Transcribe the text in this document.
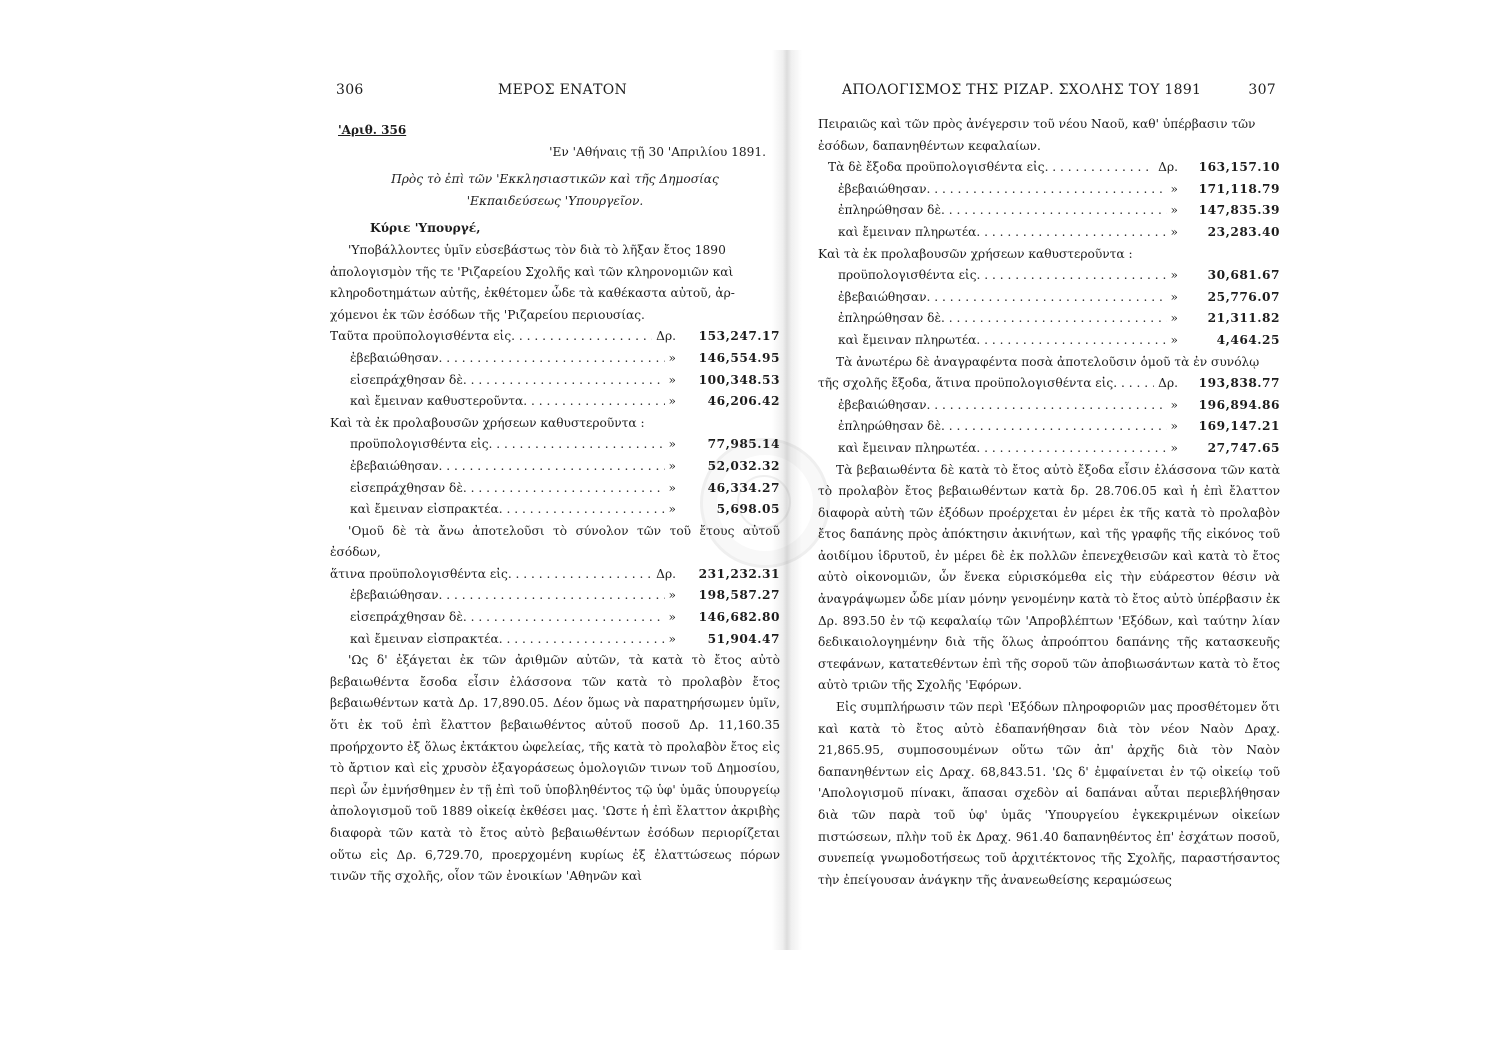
306	ΜΕΡΟΣ ΕΝΑΤΟΝ
'Αριθ. 356
'Εν 'Αθήναις τῇ 30 'Απριλίου 1891.
Πρὸς τὸ ἐπὶ τῶν 'Εκκλησιαστικῶν καὶ τῆς Δημοσίας
'Εκπαιδεύσεως 'Υπουργεῖον.
Κύριε 'Υπουργέ,

'Υποβάλλοντες ὑμῖν εὐσεβάστως τὸν διὰ τὸ λῆξαν ἔτος 1890

ἀπολογισμὸν τῆς τε 'Ριζαρείου Σχολῆς καὶ τῶν κληρονομιῶν καὶ

κληροδοτημάτων αὐτῆς, ἐκθέτομεν ὧδε τὰ καθέκαστα αὐτοῦ, ἀρ-

χόμενοι ἐκ τῶν ἐσόδων τῆς 'Ριζαρείου περιουσίας.

Ταῦτα προϋπολογισθέντα εἰς . . .	Δρ.	153,247.17
ἐβεβαιώθησαν . . .	»	146,554.95
εἰσεπράχθησαν δὲ . . .	»	100,348.53
καὶ ἔμειναν καθυστεροῦντα . . .	»	46,206.42
Καὶ τὰ ἐκ προλαβουσῶν χρήσεων καθυστεροῦντα :
προϋπολογισθέντα εἰς . . .	»	77,985.14
ἐβεβαιώθησαν . . .	»	52,032.32
εἰσεπράχθησαν δὲ . . .	»	46,334.27
καὶ ἔμειναν εἰσπρακτέα . . .	»	5,698.05

'Ομοῦ δὲ τὰ ἄνω ἀποτελοῦσι τὸ σύνολον τῶν τοῦ ἔτους αὐτοῦ ἐσόδων,

ἅτινα προϋπολογισθέντα εἰς . . .	Δρ.	231,232.31
ἐβεβαιώθησαν . . .	»	198,587.27
εἰσεπράχθησαν δὲ . . .	»	146,682.80
καὶ ἔμειναν εἰσπρακτέα . . .	»	51,904.47

'Ως δ' ἐξάγεται ἐκ τῶν ἀριθμῶν αὐτῶν, τὰ κατὰ τὸ ἔτος αὐτὸ βεβαιωθέντα ἔσοδα εἶσιν ἐλάσσονα τῶν κατὰ τὸ προλαβὸν ἔτος βεβαιωθέντων κατὰ Δρ. 17,890.05. Δέον ὅμως νὰ παρατηρήσωμεν ὑμῖν, ὅτι ἐκ τοῦ ἐπὶ ἔλαττον βεβαιωθέντος αὐτοῦ ποσοῦ Δρ. 11,160.35 προήρχοντο ἐξ ὅλως ἐκτάκτου ὠφελείας, τῆς κατὰ τὸ προλαβὸν ἔτος εἰς τὸ ἄρτιον καὶ εἰς χρυσὸν ἐξαγοράσεως ὁμολογιῶν τινων τοῦ Δημοσίου, περὶ ὧν ἐμνήσθημεν ἐν τῇ ἐπὶ τοῦ ὑποβληθέντος τῷ ὑφ' ὑμᾶς ὑπουργείῳ ἀπολογισμοῦ τοῦ 1889 οἰκείᾳ ἐκθέσει μας. 'Ωστε ἡ ἐπὶ ἔλαττον ἀκριβὴς διαφορὰ τῶν κατὰ τὸ ἔτος αὐτὸ βεβαιωθέντων ἐσόδων περιορίζεται οὕτω εἰς Δρ. 6,729.70, προερχομένη κυρίως ἐξ ἐλαττώσεως πόρων τινῶν τῆς σχολῆς, οἷον τῶν ἐνοικίων 'Αθηνῶν καὶ

ΑΠΟΛΟΓΙΣΜΟΣ ΤΗΣ ΡΙΖΑΡ. ΣΧΟΛΗΣ ΤΟΥ 1891	307

Πειραιῶς καὶ τῶν πρὸς ἀνέγερσιν τοῦ νέου Ναοῦ, καθ' ὑπέρβασιν τῶν

ἐσόδων, δαπανηθέντων κεφαλαίων.

Τὰ δὲ ἔξοδα προϋπολογισθέντα εἰς . . .	Δρ.	163,157.10
ἐβεβαιώθησαν . . .	»	171,118.79
ἐπληρώθησαν δὲ . . .	»	147,835.39
καὶ ἔμειναν πληρωτέα . . .	»	23,283.40
Καὶ τὰ ἐκ προλαβουσῶν χρήσεων καθυστεροῦντα :
προϋπολογισθέντα εἰς . . .	»	30,681.67
ἐβεβαιώθησαν . . .	»	25,776.07
ἐπληρώθησαν δὲ . . .	»	21,311.82
καὶ ἔμειναν πληρωτέα . . .	»	4,464.25

Τὰ ἀνωτέρω δὲ ἀναγραφέντα ποσὰ ἀποτελοῦσιν ὁμοῦ τὰ ἐν συνόλῳ

τῆς σχολῆς ἔξοδα, ἅτινα προϋπολογισθέντα εἰς . . .	Δρ.	193,838.77
ἐβεβαιώθησαν . . .	»	196,894.86
ἐπληρώθησαν δὲ . . .	»	169,147.21
καὶ ἔμειναν πληρωτέα . . .	»	27,747.65

Τὰ βεβαιωθέντα δὲ κατὰ τὸ ἔτος αὐτὸ ἔξοδα εἶσιν ἐλάσσονα τῶν κατὰ τὸ προλαβὸν ἔτος βεβαιωθέντων κατὰ δρ. 28.706.05 καὶ ἡ ἐπὶ ἔλαττον διαφορὰ αὐτὴ τῶν ἐξόδων προέρχεται ἐν μέρει ἐκ τῆς κατὰ τὸ προλαβὸν ἔτος δαπάνης πρὸς ἀπόκτησιν ἀκινήτων, καὶ τῆς γραφῆς τῆς εἰκόνος τοῦ ἀοιδίμου ἱδρυτοῦ, ἐν μέρει δὲ ἐκ πολλῶν ἐπενεχθεισῶν καὶ κατὰ τὸ ἔτος αὐτὸ οἰκονομιῶν, ὧν ἕνεκα εὑρισκόμεθα εἰς τὴν εὐάρεστον θέσιν νὰ ἀναγράψωμεν ὧδε μίαν μόνην γενομένην κατὰ τὸ ἔτος αὐτὸ ὑπέρβασιν ἐκ Δρ. 893.50 ἐν τῷ κεφαλαίῳ τῶν 'Απροβλέπτων 'Εξόδων, καὶ ταύτην λίαν δεδικαιολογημένην διὰ τῆς ὅλως ἀπροόπτου δαπάνης τῆς κατασκευῆς στεφάνων, κατατεθέντων ἐπὶ τῆς σοροῦ τῶν ἀποβιωσάντων κατὰ τὸ ἔτος αὐτὸ τριῶν τῆς Σχολῆς 'Εφόρων.

Εἰς συμπλήρωσιν τῶν περὶ 'Εξόδων πληροφοριῶν μας προσθέτομεν ὅτι καὶ κατὰ τὸ ἔτος αὐτὸ ἐδαπανήθησαν διὰ τὸν νέον Ναὸν Δραχ. 21,865.95, συμποσουμένων οὕτω τῶν ἀπ' ἀρχῆς διὰ τὸν Ναὸν δαπανηθέντων εἰς Δραχ. 68,843.51. 'Ως δ' ἐμφαίνεται ἐν τῷ οἰκείῳ τοῦ 'Απολογισμοῦ πίνακι, ἅπασαι σχεδὸν αἱ δαπάναι αὗται περιεβλήθησαν διὰ τῶν παρὰ τοῦ ὑφ' ὑμᾶς 'Υπουργείου ἐγκεκριμένων οἰκείων πιστώσεων, πλὴν τοῦ ἐκ Δραχ. 961.40 δαπανηθέντος ἐπ' ἐσχάτων ποσοῦ, συνεπείᾳ γνωμοδοτήσεως τοῦ ἀρχιτέκτονος τῆς Σχολῆς, παραστήσαντος τὴν ἐπείγουσαν ἀνάγκην τῆς ἀνανεωθείσης κεραμώσεως
